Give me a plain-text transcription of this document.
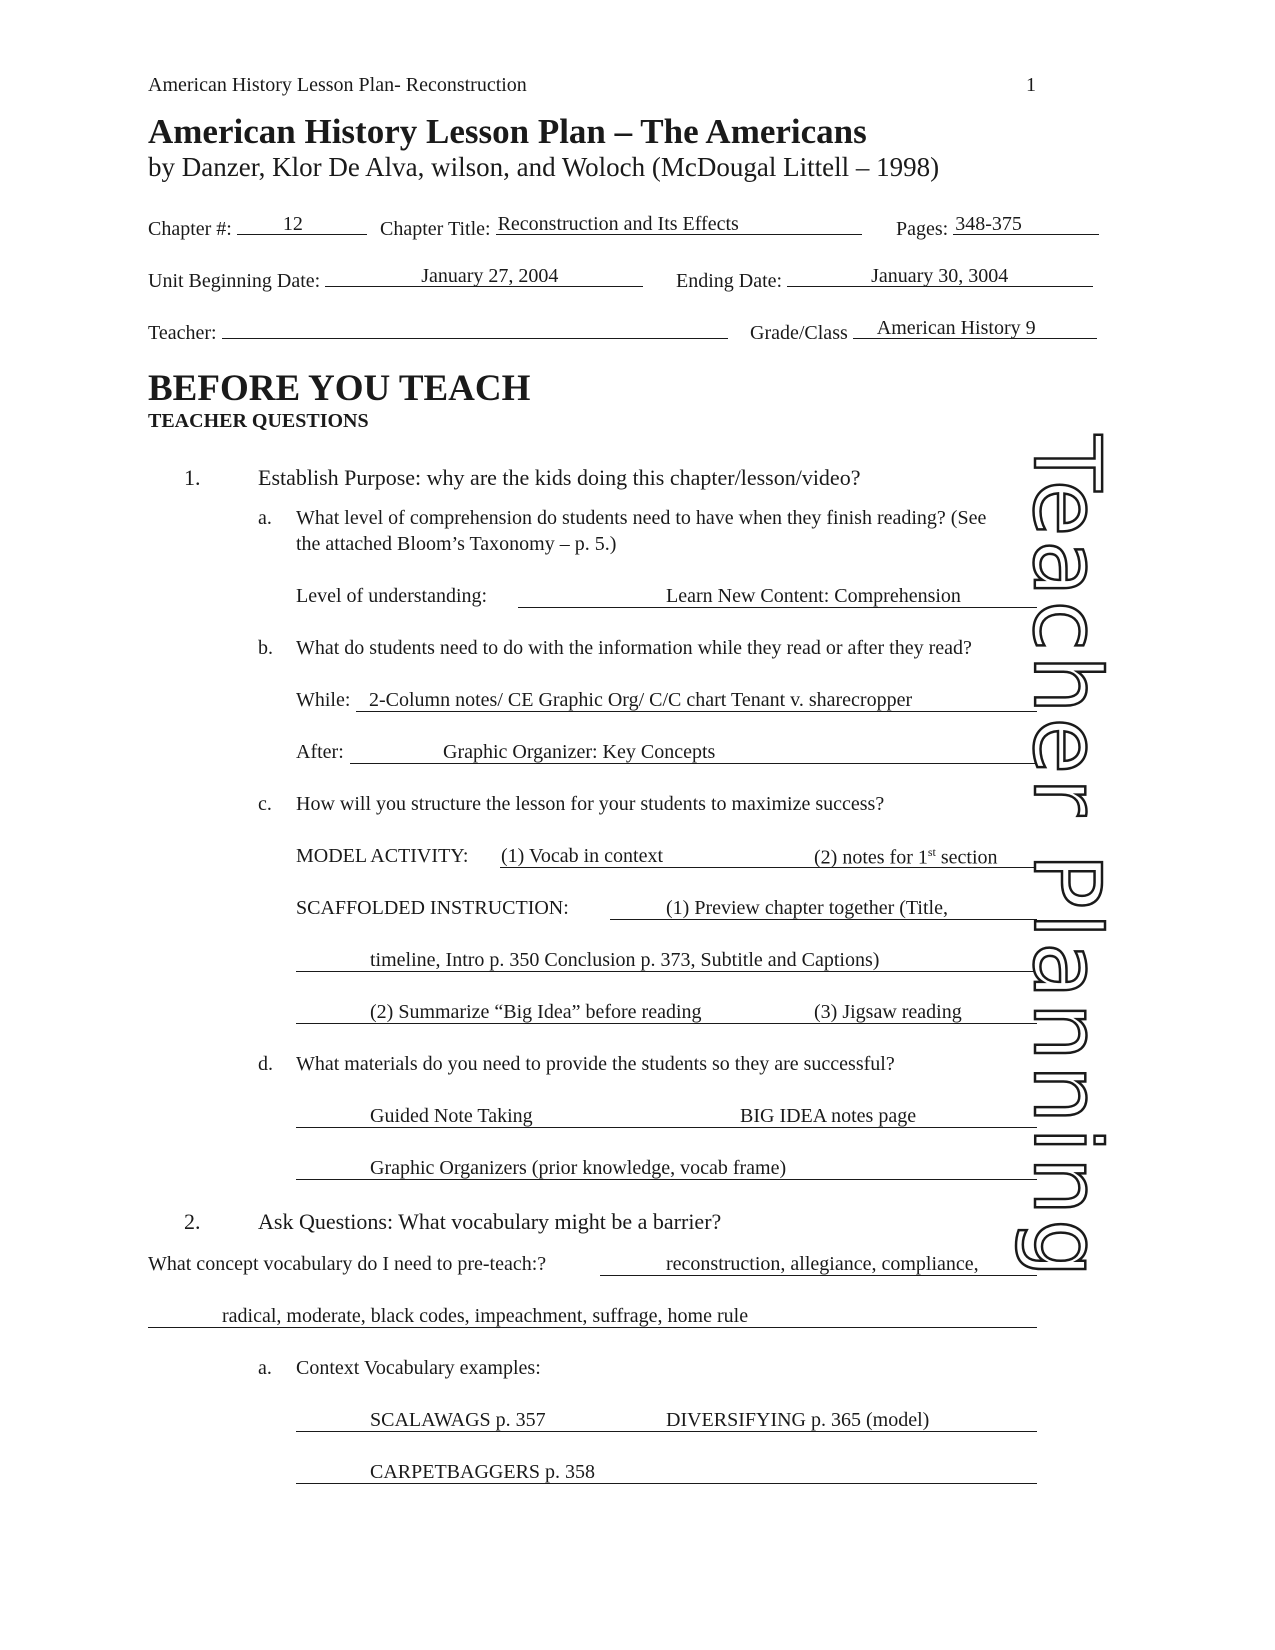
American History Lesson Plan- Reconstruction	1
American History Lesson Plan – The Americans
by Danzer, Klor De Alva, wilson, and Woloch (McDougal Littell – 1998)
Chapter #:	12	Chapter Title: Reconstruction and Its Effects	Pages: 348-375
Unit Beginning Date:	January 27, 2004	Ending Date:	January 30, 3004
Teacher:	Grade/Class American History 9
BEFORE YOU TEACH
TEACHER QUESTIONS
1.	Establish Purpose: why are the kids doing this chapter/lesson/video?
a. What level of comprehension do students need to have when they finish reading? (See
the attached Bloom’s Taxonomy – p. 5.)
Level of understanding:	Learn New Content: Comprehension
b. What do students need to do with the information while they read or after they read?
While: 2-Column notes/ CE Graphic Org/ C/C chart Tenant v. sharecropper
After:	Graphic Organizer: Key Concepts
c. How will you structure the lesson for your students to maximize success?
MODEL ACTIVITY: (1) Vocab in context	(2) notes for 1st section
SCAFFOLDED INSTRUCTION:	(1) Preview chapter together (Title,
timeline, Intro p. 350 Conclusion p. 373, Subtitle and Captions)
(2) Summarize “Big Idea” before reading	(3) Jigsaw reading
d. What materials do you need to provide the students so they are successful?
Guided Note Taking	BIG IDEA notes page
Graphic Organizers (prior knowledge, vocab frame)
2.	Ask Questions: What vocabulary might be a barrier?
What concept vocabulary do I need to pre-teach:?	reconstruction, allegiance, compliance,
radical, moderate, black codes, impeachment, suffrage, home rule
a. Context Vocabulary examples:
SCALAWAGS p. 357	DIVERSIFYING p. 365 (model)
CARPETBAGGERS p. 358
Teacher Planning
